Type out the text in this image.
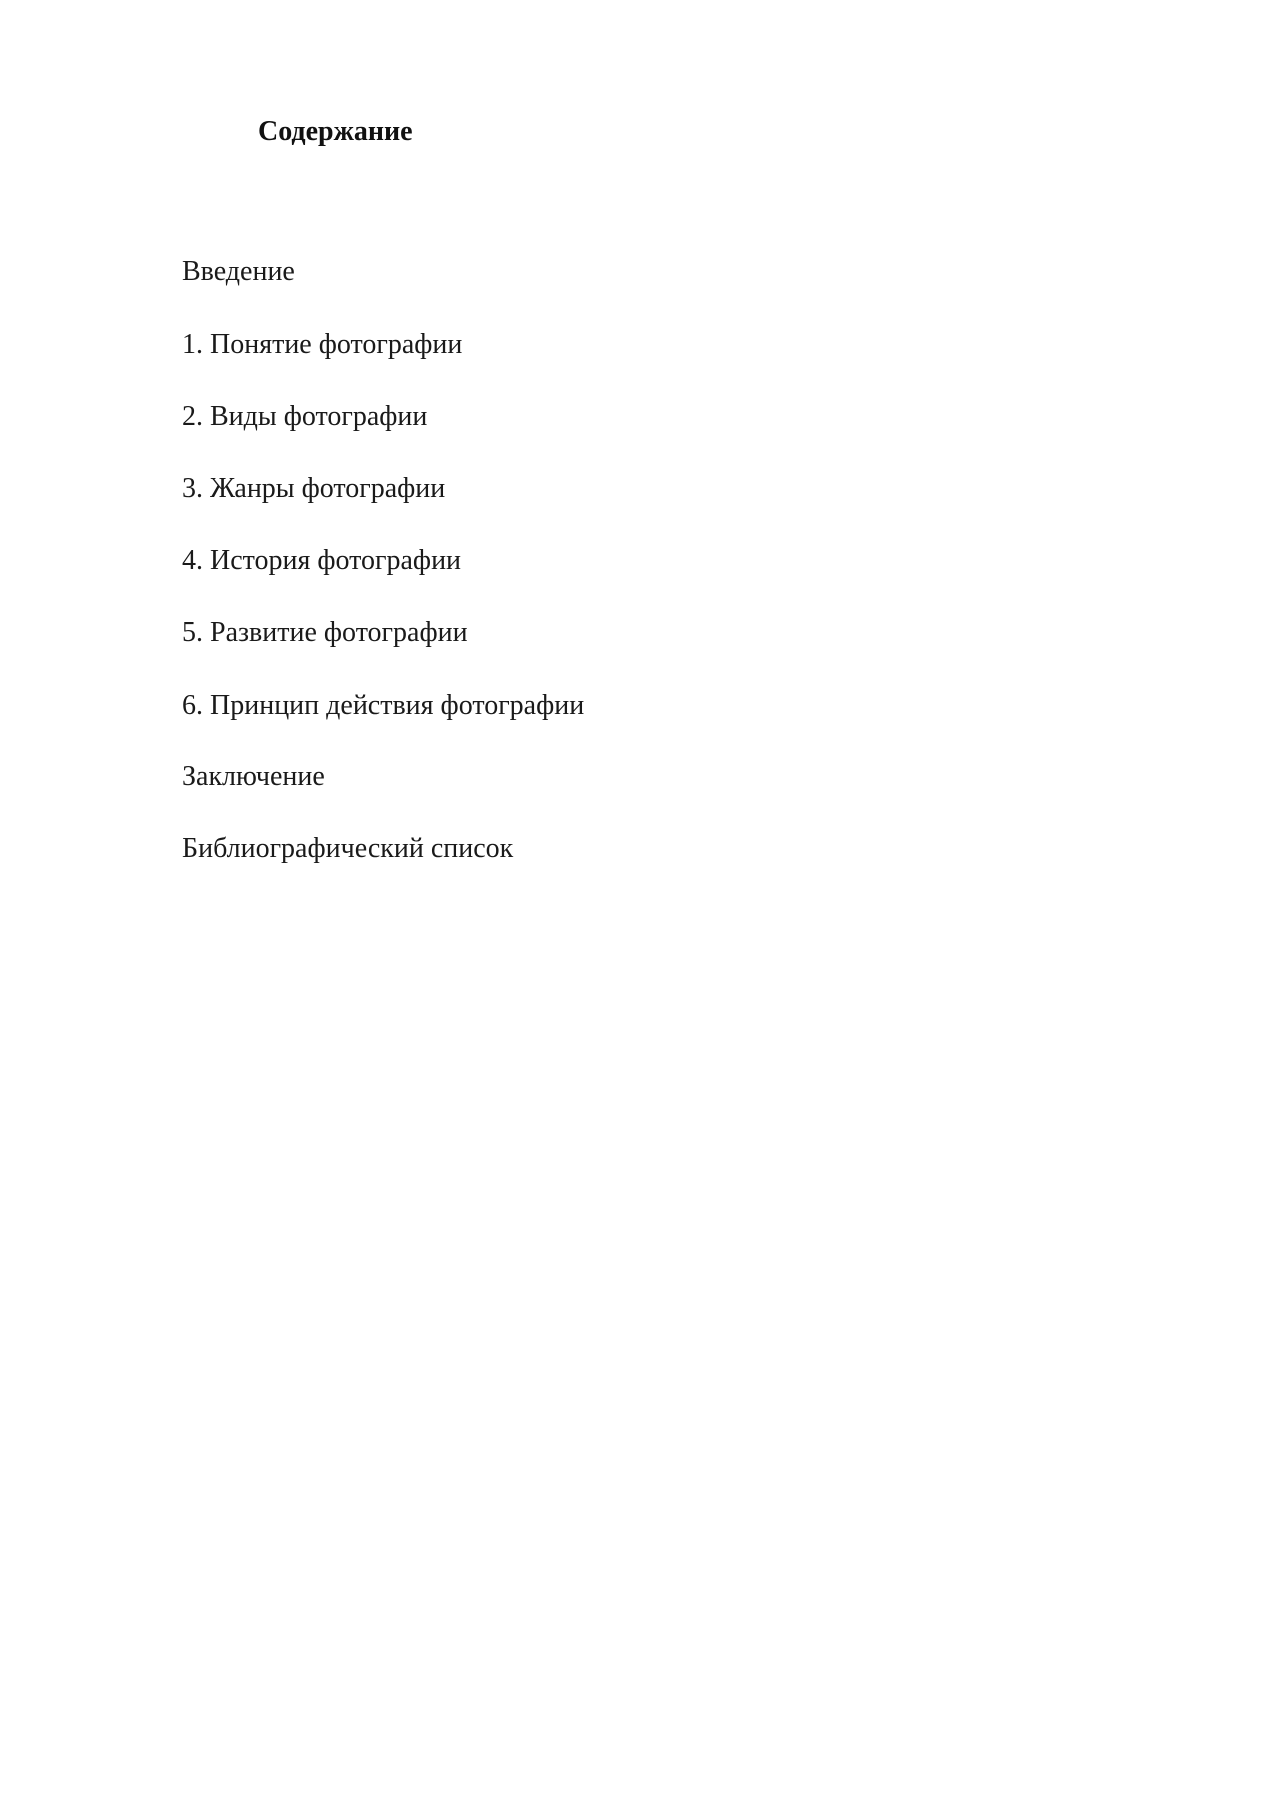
Содержание
Введение
1. Понятие фотографии
2. Виды фотографии
3. Жанры фотографии
4. История фотографии
5. Развитие фотографии
6. Принцип действия фотографии
Заключение
Библиографический список
